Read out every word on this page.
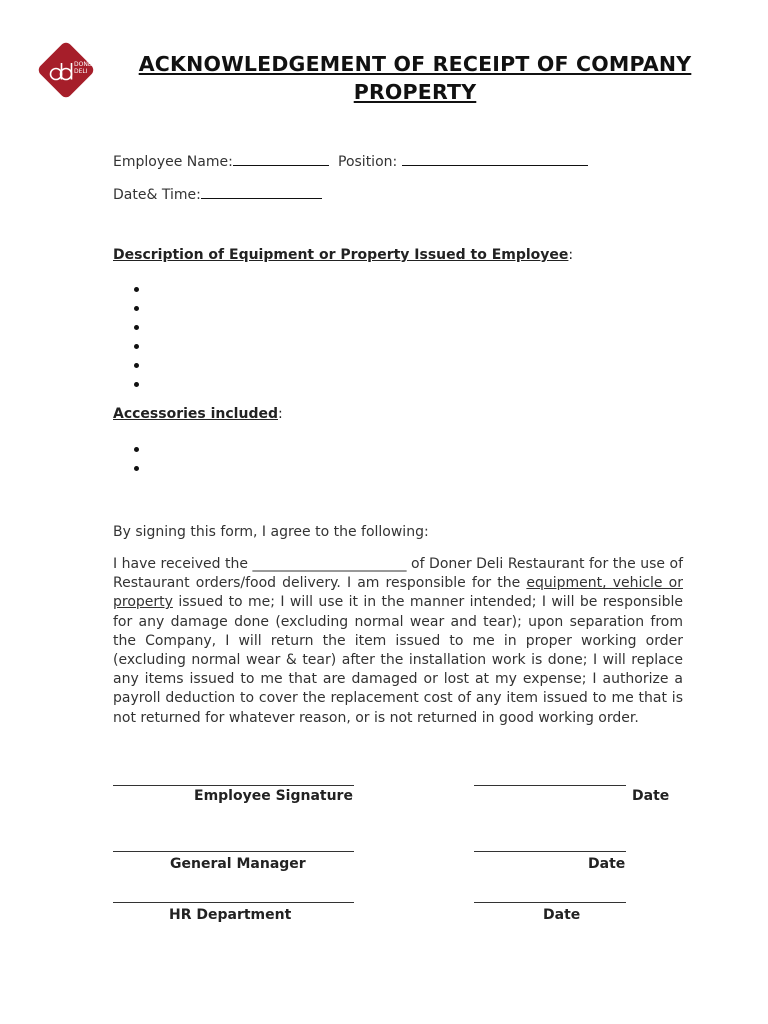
DONER
DELI	ACKNOWLEDGEMENT OF RECEIPT OF COMPANY PROPERTY
Employee Name:	Position:
Date& Time:
Description of Equipment or Property Issued to Employee:
Accessories included:
By signing this form, I agree to the following:
I have received the ______________________ of Doner Deli Restaurant for the use of Restaurant orders/food delivery. I am responsible for the equipment, vehicle or property issued to me; I will use it in the manner intended; I will be responsible for any damage done (excluding normal wear and tear); upon separation from the Company, I will return the item issued to me in proper working order (excluding normal wear & tear) after the installation work is done; I will replace any items issued to me that are damaged or lost at my expense; I authorize a payroll deduction to cover the replacement cost of any item issued to me that is not returned for whatever reason, or is not returned in good working order.
Employee Signature	Date
General Manager	Date
HR Department	Date
